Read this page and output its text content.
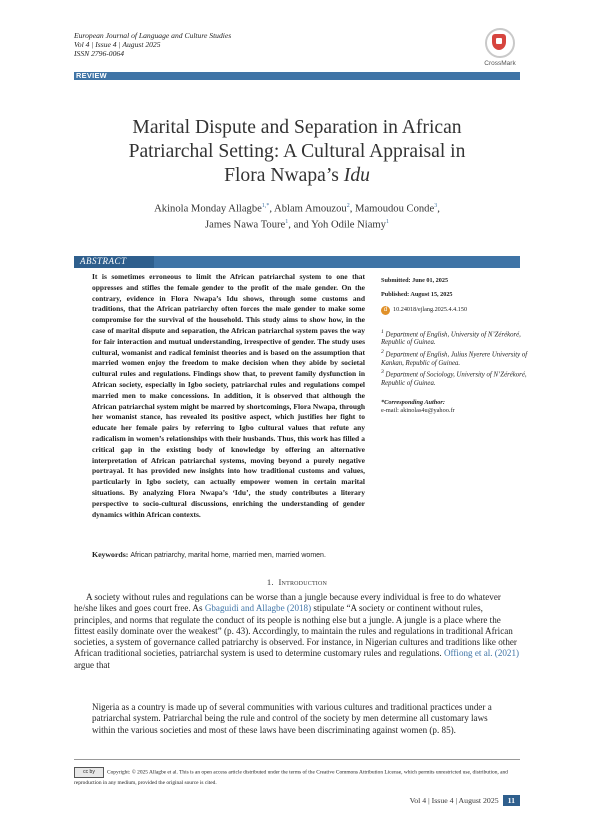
European Journal of Language and Culture Studies
Vol 4 | Issue 4 | August 2025
ISSN 2796-0064
CrossMark
REVIEW
Marital Dispute and Separation in African
Patriarchal Setting: A Cultural Appraisal in
Flora Nwapa’s Idu
Akinola Monday Allagbe$^{1,*}$, Ablam Amouzou$^2$, Mamoudou Conde$^3$,
James Nawa Toure$^1$, and Yoh Odile Niamy$^1$
ABSTRACT
It is sometimes erroneous to limit the African patriarchal system to one that oppresses and stifles the female gender to the profit of the male gender. On the contrary, evidence in Flora Nwapa’s Idu shows, through some customs and traditions, that the African patriarchy often forces the male gender to make some compromise for the survival of the household. This study aims to show how, in the case of marital dispute and separation, the African patriarchal system paves the way for fair interaction and mutual understanding, irrespective of gender. The study uses cultural, womanist and radical feminist theories and is based on the assumption that married women enjoy the freedom to make decision when they abide by societal cultural rules and regulations. Findings show that, to prevent family dysfunction in African society, especially in Igbo society, patriarchal rules and regulations compel married men to make concessions. In addition, it is observed that although the African patriarchal system might be marred by shortcomings, Flora Nwapa, through her womanist stance, has revealed its positive aspect, which justifies her fight to educate her female pairs by referring to Igbo cultural values that refute any radicalism in women’s relationships with their husbands. Thus, this work has filled a critical gap in the existing body of knowledge by offering an alternative interpretation of African patriarchal systems, moving beyond a purely negative portrayal. It has provided new insights into how traditional customs and values, particularly in Igbo society, can actually empower women in certain marital situations. By analyzing Flora Nwapa’s ‘Idu’, the study contributes a literary perspective to socio-cultural discussions, enriching the understanding of gender dynamics within African contexts.
Submitted: June 01, 2025
Published: August 15, 2025
d 10.24018/ejlang.2025.4.4.150
$^1$ Department of English, University of N’Zérékoré, Republic of Guinea.
$^2$ Department of English, Julius Nyerere University of Kankan, Republic of Guinea.
$^3$ Department of Sociology, University of N’Zérékoré, Republic of Guinea.
*Corresponding Author:
e-mail: akinolas4u@yahoo.fr
Keywords: African patriarchy, marital home, married men, married women.
1. Introduction

A society without rules and regulations can be worse than a jungle because every individual is free to do whatever he/she likes and goes court free. As Gbaguidi and Allagbe (2018) stipulate “A society or continent without rules, principles, and norms that regulate the conduct of its people is nothing else but a jungle. A jungle is a place where the fittest easily dominate over the weakest” (p. 43). Accordingly, to maintain the rules and regulations in traditional African societies, a system of governance called patriarchy is observed. For instance, in Nigerian cultures and traditions like other African traditional societies, patriarchal system is used to determine customary rules and regulations. Offiong et al. (2021) argue that

Nigeria as a country is made up of several communities with various cultures and traditional practices under a patriarchal system. Patriarchal being the rule and control of the society by men determine all customary laws within the various societies and most of these laws have been discriminating against women (p. 85).
cc by Copyright: © 2025 Allagbe et al. This is an open access article distributed under the terms of the Creative Commons Attribution License, which permits unrestricted use, distribution, and reproduction in any medium, provided the original source is cited.
Vol 4 | Issue 4 | August 2025 11
